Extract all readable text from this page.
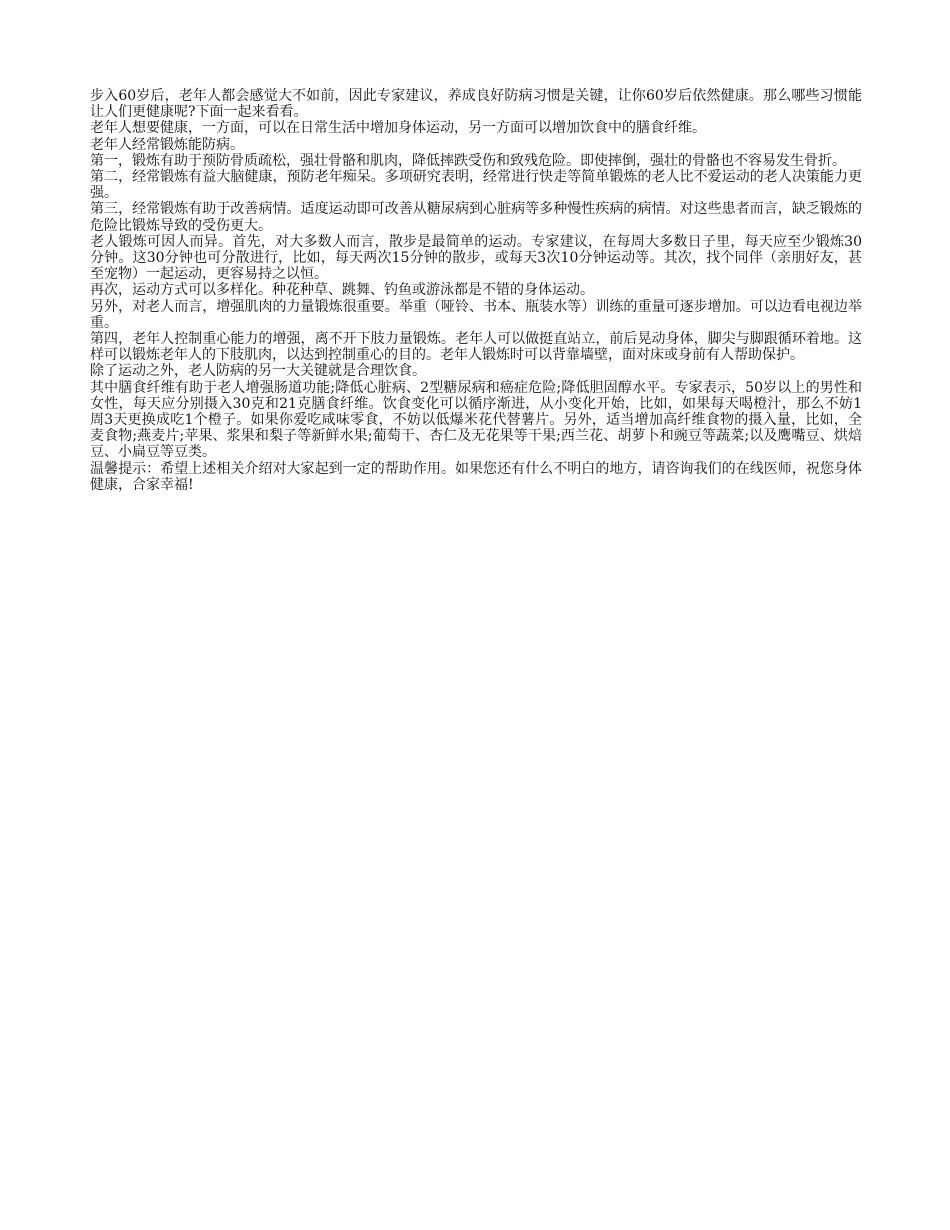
步入60岁后，老年人都会感觉大不如前，因此专家建议，养成良好防病习惯是关键，让你60岁后依然健康。那么哪些习惯能让人们更健康呢?下面一起来看看。

老年人想要健康，一方面，可以在日常生活中增加身体运动，另一方面可以增加饮食中的膳食纤维。

老年人经常锻炼能防病。

第一，锻炼有助于预防骨质疏松，强壮骨骼和肌肉，降低摔跌受伤和致残危险。即使摔倒，强壮的骨骼也不容易发生骨折。

第二，经常锻炼有益大脑健康，预防老年痴呆。多项研究表明，经常进行快走等简单锻炼的老人比不爱运动的老人决策能力更强。

第三，经常锻炼有助于改善病情。适度运动即可改善从糖尿病到心脏病等多种慢性疾病的病情。对这些患者而言，缺乏锻炼的危险比锻炼导致的受伤更大。

老人锻炼可因人而异。首先，对大多数人而言，散步是最简单的运动。专家建议，在每周大多数日子里，每天应至少锻炼30分钟。这30分钟也可分散进行，比如，每天两次15分钟的散步，或每天3次10分钟运动等。其次，找个同伴（亲朋好友，甚至宠物）一起运动，更容易持之以恒。

再次，运动方式可以多样化。种花种草、跳舞、钓鱼或游泳都是不错的身体运动。

另外，对老人而言，增强肌肉的力量锻炼很重要。举重（哑铃、书本、瓶装水等）训练的重量可逐步增加。可以边看电视边举重。

第四，老年人控制重心能力的增强，离不开下肢力量锻炼。老年人可以做挺直站立，前后晃动身体，脚尖与脚跟循环着地。这样可以锻炼老年人的下肢肌肉，以达到控制重心的目的。老年人锻炼时可以背靠墙壁，面对床或身前有人帮助保护。

除了运动之外，老人防病的另一大关键就是合理饮食。

其中膳食纤维有助于老人增强肠道功能;降低心脏病、2型糖尿病和癌症危险;降低胆固醇水平。专家表示，50岁以上的男性和女性，每天应分别摄入30克和21克膳食纤维。饮食变化可以循序渐进，从小变化开始，比如，如果每天喝橙汁，那么不妨1周3天更换成吃1个橙子。如果你爱吃咸味零食，不妨以低爆米花代替薯片。另外，适当增加高纤维食物的摄入量，比如，全麦食物;燕麦片;苹果、浆果和梨子等新鲜水果;葡萄干、杏仁及无花果等干果;西兰花、胡萝卜和豌豆等蔬菜;以及鹰嘴豆、烘焙豆、小扁豆等豆类。

温馨提示：希望上述相关介绍对大家起到一定的帮助作用。如果您还有什么不明白的地方，请咨询我们的在线医师，祝您身体健康，合家幸福!
